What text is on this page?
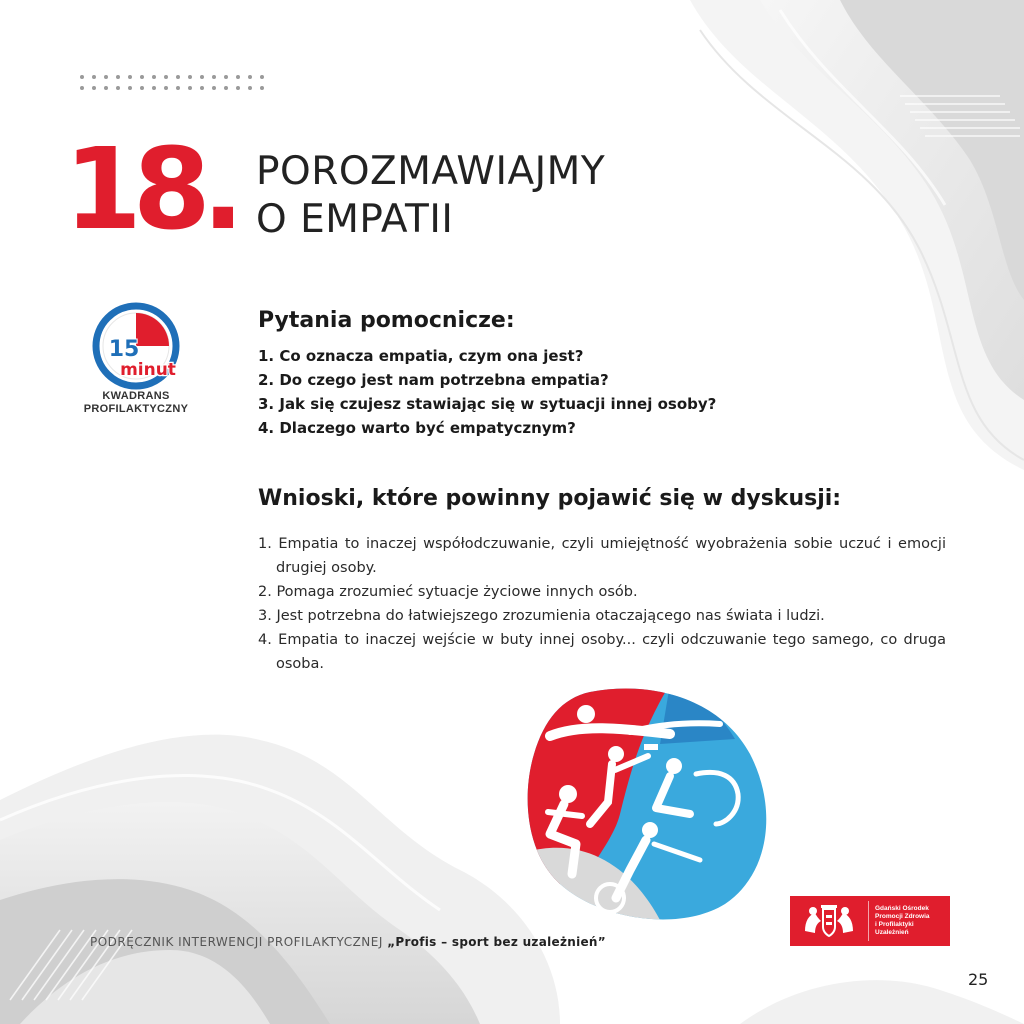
18. POROZMAWIAJMY
O EMPATII
15
minut
KWADRANS
PROFILAKTYCZNY
Pytania pomocnicze:
1. Co oznacza empatia, czym ona jest?
2. Do czego jest nam potrzebna empatia?
3. Jak się czujesz stawiając się w sytuacji innej osoby?
4. Dlaczego warto być empatycznym?
Wnioski, które powinny pojawić się w dyskusji:
1. Empatia to inaczej współodczuwanie, czyli umiejętność wyobrażenia sobie uczuć i emocji drugiej osoby.
2. Pomaga zrozumieć sytuacje życiowe innych osób.
3. Jest potrzebna do łatwiejszego zrozumienia otaczającego nas świata i ludzi.
4. Empatia to inaczej wejście w buty innej osoby... czyli odczuwanie tego samego, co druga osoba.

PODRĘCZNIK INTERWENCJI PROFILAKTYCZNEJ „Profis – sport bez uzależnień”

Gdański Ośrodek
Promocji Zdrowia
i Profilaktyki
Uzależnień

25
